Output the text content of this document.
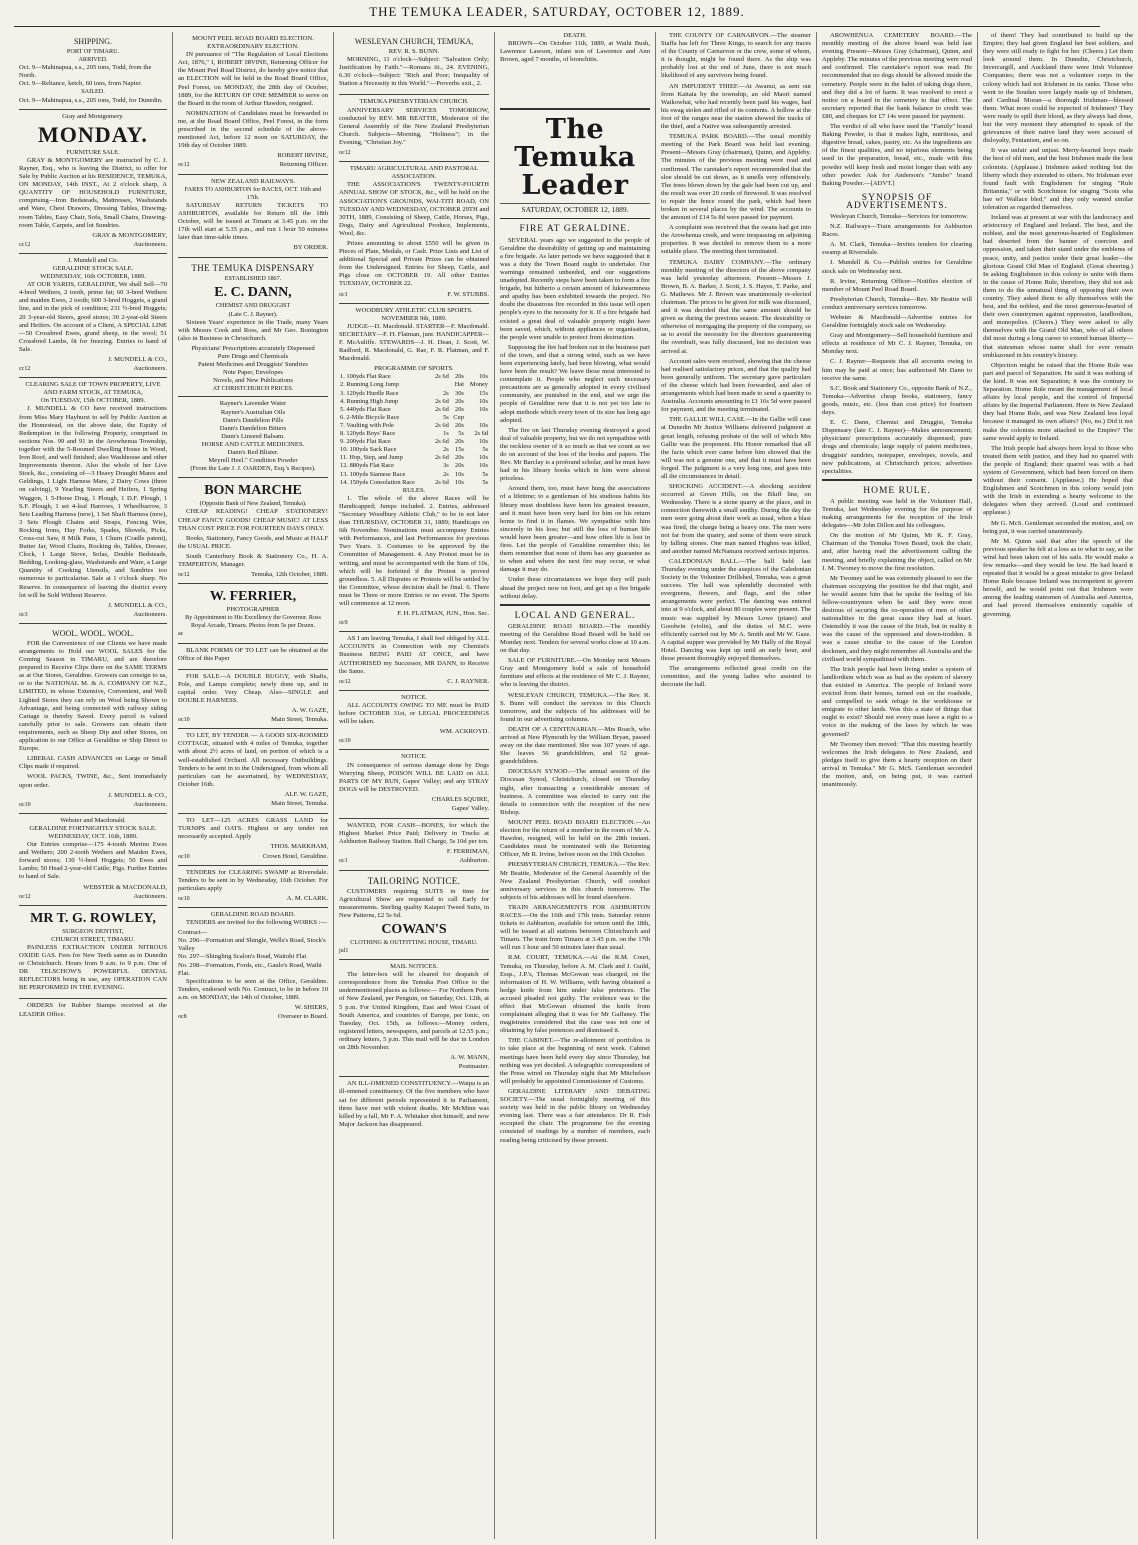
THE TEMUKA LEADER, SATURDAY, OCTOBER 12, 1889.
SHIPPING.
PORT OF TIMARU.
ARRIVED.
Oct. 9—Mahinapua, s.s., 205 tons, Todd, from the North.
Oct. 9—Reliance, ketch, 60 tons, from Napier.
SAILED.
Oct. 9—Mahinapua, s.s., 205 tons, Todd, for Dunedin.
Gray and Montgomery.
MONDAY.
FURNITURE SALE.

GRAY & MONTGOMERY are instructed by C. J. Rayner, Esq., who is leaving the District, to offer for Sale by Public Auction at his RESIDENCE, TEMUKA, ON MONDAY, 14th INST., At 2 o'clock sharp, A QUANTITY OF HOUSEHOLD FURNITURE, comprising—Iron Bedsteads, Mattresses, Washstands and Ware, Chest Drawers, Dressing Tables, Drawing-room Tables, Easy Chair, Sofa, Small Chairs, Drawing-room Table, Carpets, and lot Sundries.

GRAY & MONTGOMERY,
cc12	Auctioneers.
J. Mundell and Co.
GERALDINE STOCK SALE.
WEDNESDAY, 16th OCTOBER, 1889.

AT OUR YARDS, GERALDINE, We shall Sell—70 4-bred Wethers, 2 tooth, prime fat; 60 3-bred Wethers and maiden Ewes, 2 tooth; 600 3-bred Hoggets, a grand line, and in the pick of condition; 231 ½-bred Hoggets; 20 3-year-old Steers, good stores; 30 2-year-old Steers and Heifers. On account of a Client, A SPECIAL LINE—50 Crossbred Ewes, grand sheep, in the wool; 51 Crossbred Lambs, fit for freezing. Entries to hand of Sale.

J. MUNDELL & CO.,
cc12	Auctioneers.
CLEARING SALE OF TOWN PROPERTY, LIVE AND FARM STOCK, AT TEMUKA,
On TUESDAY, 15th OCTOBER, 1889.

J. MUNDELL & CO have received instructions from Miss Mary Hayhurst to sell by Public Auction at the Homestead, on the above date, the Equity of Redemption in the following Property, comprised in sections Nos. 99 and 91 in the Arowhenua Township, together with the 5-Roomed Dwelling House in Wood, Iron Roof, and well finished; also Washhouse and other Improvements thereon. Also the whole of her Live Stock, &c., consisting of—3 Heavy Draught Mares and Geldings, 1 Light Harness Mare, 2 Dairy Cows (three on calving), 9 Yearling Steers and Heifers, 1 Spring Waggon, 1 5-Horse Drag, 1 Plough, 1 D.F. Plough, 1 S.F. Plough, 1 set 4-leaf Harrows, 1 Wheelbarrow, 3 Sets Leading Harness (new), 1 Set Shaft Harness (new), 3 Sets Plough Chains and Straps, Fencing Wire, Rocking Irons, Hay Forks, Spades, Shovels, Picks, Cross-cut Saw, 8 Milk Pans, 1 Churn (Cradle patent), Butter Jar, Wood Chairs, Rocking do, Tables, Dresser, Clock, 1 Large Stove, Sofas, Double Bedsteads, Bedding, Looking-glass, Washstands and Ware, a Large Quantity of Cooking Utensils, and Sundries too numerous to particularise. Sale at 1 o'clock sharp. No Reserve. In consequence of leaving the district every lot will be Sold Without Reserve.

J. MUNDELL & CO.,
oc3	Auctioneers.
WOOL. WOOL. WOOL.

FOR the Convenience of our Clients we have made arrangements to Hold our WOOL SALES for the Coming Season in TIMARU, and are therefore prepared to Receive Clips there on the SAME TERMS as at Our Stores, Geraldine. Growers can consign to us, or to the NATIONAL M. & A. COMPANY OF N.Z., LIMITED, in whose Extensive, Convenient, and Well Lighted Stores they can rely on Wool being Shown to Advantage, and being connected with railway siding Cartage is thereby Saved. Every parcel is valued carefully prior to sale. Growers can obtain their requirements, such as Sheep Dip and other Stores, on application to our Office at Geraldine or Ship Direct to Europe.

LIBERAL CASH ADVANCES on Large or Small Clips made if required.

WOOL PACKS, TWINE, &c., Sent immediately upon order.

J. MUNDELL & CO.,
oc10	Auctioneers.
Webster and Macdonald.
GERALDINE FORTNIGHTLY STOCK SALE.
WEDNESDAY, OCT. 16th, 1889.

Our Entries comprise—175 4-tooth Merino Ewes and Wethers; 200 2-tooth Wethers and Maiden Ewes, forward stores; 130 ½-bred Hoggets; 50 Ewes and Lambs; 50 Head 2-year-old Cattle; Pigs. Further Entries to hand of Sale.

WEBSTER & MACDONALD,
oc12	Auctioneers.
MR T. G. ROWLEY,
SURGEON DENTIST,
CHURCH STREET, TIMARU.

PAINLESS EXTRACTION UNDER NITROUS OXIDE GAS. Fees for New Teeth same as in Dunedin or Christchurch. Hours from 9 a.m. to 9 p.m. One of DR TELSCHOW'S POWERFUL DENTAL REFLECTORS being in use, any OPERATION CAN BE PERFORMED IN THE EVENING.

ORDERS for Rubber Stamps received at the LEADER Office.

MOUNT PEEL ROAD BOARD ELECTION.
EXTRAORDINARY ELECTION.

IN pursuance of "The Regulation of Local Elections Act, 1876," I, ROBERT IRVINE, Returning Officer for the Mount Peel Road District, do hereby give notice that an ELECTION will be held in the Road Board Office, Peel Forest, on MONDAY, the 28th day of October, 1889, for the RETURN OF ONE MEMBER to serve on the Board in the room of Arthur Hawdon, resigned.

NOMINATION of Candidates must be forwarded to me, at the Road Board Office, Peel Forest, in the form prescribed in the second schedule of the above-mentioned Act, before 12 noon on SATURDAY, the 19th day of October 1889.

ROBERT IRVINE,
oc12	Returning Officer.
NEW ZEALAND RAILWAYS.
FARES TO ASHBURTON for RACES, OCT. 16th and 17th.

SATURDAY RETURN TICKETS TO ASHBURTON, available for Return till the 18th October, will be issued at Timaru at 3.45 p.m. on the 17th will start at 5.35 p.m., and run 1 hour 50 minutes later than time-table times.

BY ORDER.
THE TEMUKA DISPENSARY
ESTABLISHED 1867.
E. C. DANN,
CHEMIST AND DRUGGIST
(Late C. J. Rayner).

Sixteen Years' experience in the Trade, many Years with Messrs Cook and Ross, and Mr Geo. Bonington (also in Business in Christchurch.

Physicians' Prescriptions accurately Dispensed
Pure Drugs and Chemicals
Patent Medicines and Druggists' Sundries
Note Paper, Envelopes
Novels, and New Publications
AT CHRISTCHURCH PRICES.
Rayner's Lavender Water
Rayner's Australian Oils
Dann's Dandelion Pills
Dann's Dandelion Bitters
Dann's Linseed Balsam.
HORSE AND CATTLE MEDICINES.
Dann's Red Blister.
Meyrell Heel." Condition Powder
(From the Late J. J. OARDEN, Esq.'s Recipes).
BON MARCHE
(Opposite Bank of New Zealand, Temuka).

CHEAP READING! CHEAP STATIONERY! CHEAP FANCY GOODS! CHEAP MUSIC! AT LESS THAN COST PRICE FOR FOURTEEN DAYS ONLY.

Books, Stationery, Fancy Goods, and Music at HALF the USUAL PRICE.

South Canterbury Book & Stationery Co., H. A. TEMPERTON, Manager.

oc12	Temuka, 12th October, 1889.
W. FERRIER,
PHOTOGRAPHER
By Appointment to His Excellency the Governor. Ross Royal Arcade, Timaru. Photos from 5s per Dozen.
ac

BLANK FORMS OF TO LET can be obtained at the Office of this Paper

FOR SALE—A DOUBLE BUGGY, with Shafts, Pole, and Lamps complete; newly done up, and in capital order. Very Cheap. Also—SINGLE and DOUBLE HARNESS.

A. W. GAZE,
oc10	Main Street, Temuka.

TO LET, BY TENDER — A GOOD SIX-ROOMED COTTAGE, situated with 4 miles of Temuka, together with about 2½ acres of land, on portion of which is a well-established Orchard. All necessary Outbuildings. Tenders to be sent in to the Undersigned, from whom all particulars can be ascertained, by WEDNESDAY, October 16th.

ALF. W. GAZE,
Main Street, Temuka.

TO LET—125 ACRES GRASS LAND for TURNIPS and OATS. Highest or any tender not necessarily accepted. Apply

THOS. MARKHAM,
oc10	Crown Hotel, Geraldine.

TENDERS for CLEARING SWAMP at Riversdale. Tenders to be sent in by Wednesday, 16th October. For particulars apply

oc10	A. M. CLARK.
GERALDINE ROAD BOARD.

TENDERS are invited for the following WORKS :—

Contract—
No. 296—Formation and Shingle, Wells's Road, Stock's Valley
No. 297—Shingling Scalon's Road, Waitohi Flat
No. 298—Formation, Fords, etc., Gaulo's Road, Waihi Flat.

Specifications to be seen at the Office, Geraldine. Tenders, endorsed with No. Contract, to be in before 10 a.m. on MONDAY, the 14th of October, 1889.

W. SHIERS,
oc8	Overseer to Board.
WESLEYAN CHURCH, TEMUKA,
REV. R. S. BUNN.

MORNING, 11 o'clock—Subject: "Salvation Only; Justification by Faith."—Romans iii., 24. EVENING, 6.30 o'clock—Subject: "Rich and Poor; Inequality of Station a Necessity in this World."—Proverbs xxii., 2.

TEMUKA PRESBYTERIAN CHURCH.

ANNIVERSARY SERVICES TOMORROW, conducted by REV. MR BEATTIE, Moderator of the General Assembly of the New Zealand Presbyterian Church. Subjects—Morning, "Holiness"; in the Evening, "Christian Joy."

oc12
TIMARU AGRICULTURAL AND PASTORAL ASSOCIATION.

THE ASSOCIATION'S TWENTY-FOURTH ANNUAL SHOW OF STOCK, &c., will be held on the ASSOCIATION'S GROUNDS, WAI-TITI ROAD, ON TUESDAY AND WEDNESDAY, OCTOBER 29TH and 30TH, 1889, Consisting of Sheep, Cattle, Horses, Pigs, Dogs, Dairy and Agricultural Produce, Implements, Wool, &c.

Prizes amounting to about £550 will be given in Pieces of Plate, Medals, or Cash. Prize Lists and List of additional Special and Private Prizes can be obtained from the Undersigned. Entries for Sheep, Cattle, and Pigs close on OCTOBER 19. All other Entries TUESDAY, OCTOBER 22.

oc1	F. W. STUBBS.
WOODBURY ATHLETIC CLUB SPORTS.
NOVEMBER 9th, 1889.

JUDGE—D. Macdonald. STARTER—F. Macdonald. SECRETARY—F. H. Flatman, junr. HANDICAPPER—F. McAuliffe. STEWARDS—J. H. Dean, J. Scott, W. Radford, R. Macdonald, G. Rae, F. R. Flatman, and F. Macdonald.

PROGRAMME OF SPORTS.
1. 100yds Flat Race	2s 6d	20s	10s
2. Running Long Jump		Hat	Money
3. 120yds Hurdle Race	2s	30s	15s
4. Running High Jump	2s 6d	20s	10s
5. 440yds Flat Race	2s 6d	20s	10s
6. 2-Mile Bicycle Race	5s	Cup	
7. Vaulting with Pole	2s 6d	20s	10s
8. 120yds Boys' Race	1s	5s	2s 6d
9. 200yds Flat Race	2s 6d	20s	10s
10. 100yds Sack Race	2s	15s	5s
11. Hop, Step, and Jump	2s 6d	20s	10s
12. 880yds Flat Race	3s	20s	10s
13. 100yds Siamese Race	2s	10s	5s
14. 150yds Consolation Race	2s 6d	10s	5s
RULES.

1. The whole of the above Races will be Handicapped; Jumps included. 2. Entries, addressed "Secretary Woodbury Athletic Club," to be in not later than THURSDAY, OCTOBER 31, 1889; Handicaps on 6th November. Nominations must accompany Entries with Performances, and last Performances for previous Two Years. 3. Costumes to be approved by the Committee of Management. 4. Any Protest must be in writing, and must be accompanied with the Sum of 10s, which will be forfeited if the Protest is proved groundless. 5. All Disputes or Protests will be settled by the Committee, whose decision shall be final. 6. There must be Three or more Entries or no event. The Sports will commence at 12 noon.

F. H. FLATMAN, JUN., Hon. Sec.
oc9

AS I am leaving Temuka, I shall feel obliged by ALL ACCOUNTS in Connection with my Chemist's Business BEING PAID AT ONCE, and have AUTHORISED my Successor, MR DANN, to Receive the Same.

oc12	C. J. RAYNER.
NOTICE.

ALL ACCOUNTS OWING TO ME must be PAID before OCTOBER 31st, or LEGAL PROCEEDINGS will be taken.

WM. ACKROYD.
oc10
NOTICE.

IN consequence of serious damage done by Dogs Worrying Sheep, POISON WILL BE LAID on ALL PARTS OF MY RUN, Gapes' Valley; and any STRAY DOGS will be DESTROYED.

CHARLES SQUIRE,
Gapes' Valley.

WANTED, FOR CASH—BONES, for which the Highest Market Price Paid; Delivery in Trucks at Ashburton Railway Station. Bull Charge, 5s 10d per ton.

F. FERRIMAN,
oc1	Ashburton.
TAILORING NOTICE.

CUSTOMERS requiring SUITS in time for Agricultural Show are requested to call Early for measurements. Sterling quality Kaiapoi Tweed Suits, in New Patterns, £2 5s 6d.

COWAN'S
CLOTHING & OUTFITTING HOUSE, TIMARU.
jul1
MAIL NOTICES.

The letter-box will be cleared for despatch of correspondence from the Temuka Post Office to the undermentioned places as follows:— For Northern Ports of New Zealand, per Penguin, on Saturday, Oct. 12th, at 5 p.m. For United Kingdom, East and West Coast of South America, and countries of Europe, per Ionic, on Tuesday, Oct. 15th, as follows:—Money orders, registered letters, newspapers, and parcels at 12.55 p.m.; ordinary letters, 5 p.m. This mail will be due in London on 28th November.

A. W. MANN,
Postmaster.

AN ILL-OMENED CONSTITUENCY.—Waipa is an ill-omened constituency. Of the five members who have sat for different periods represented it in Parliament, three have met with violent deaths. Mr McMinn was killed by a fall, Mr F. A. Whitaker shot himself, and now Major Jackson has disappeared.

DEATH.

BROWN—On October 11th, 1889, at Waihi Bush, Lawrence Lawson, infant son of Lawrence and Ann Brown, aged 7 months, of bronchitis.

The Temuka Leader
SATURDAY, OCTOBER 12, 1889.
FIRE AT GERALDINE.

SEVERAL years ago we suggested to the people of Geraldine the desirability of getting up and maintaining a fire brigade. As later periods we have suggested that it was a duty the Town Board ought to undertake. Our warnings remained unheeded, and our suggestions unadopted. Recently steps have been taken to form a fire brigade, but hitherto a certain amount of lukewarmness and apathy has been exhibited towards the project. No doubt the disastrous fire recorded in this issue will open people's eyes to the necessity for it. If a fire brigade had existed a great deal of valuable property might have been saved, which, without appliances or organisation, the people were unable to protect from destruction.

Supposing the fire had broken out in the business part of the town, and that a strong wind, such as we have been experiencing lately, had been blowing, what would have been the result? We leave those most interested to contemplate it. People who neglect such necessary precautions are as generally adopted in every civilised community, are punished in the end, and we urge the people of Geraldine now that it is not yet too late to adopt methods which every town of its size has long ago adopted.

The fire on last Thursday evening destroyed a good deal of valuable property, but we do not sympathise with the reckless owner of it so much as that we count as we do on account of the loss of the books and papers. The Rev. Mr Barclay is a profound scholar, and he must have had in his library books which in him were almost priceless.

Around them, too, must have hung the associations of a lifetime; to a gentleman of his studious habits his library must doubtless have been his greatest treasure, and it must have been very hard for him on his return home to find it in flames. We sympathise with him sincerely in his loss; but still the loss of human life would have been greater—and how often life is lost in fires. Let the people of Geraldine remember this; let them remember that none of them has any guarantee as to when and where the next fire may occur, or what damage it may do.

Under these circumstances we hope they will push ahead the project now on foot, and get up a fire brigade without delay.

LOCAL AND GENERAL.

GERALDINE ROAD BOARD.—The monthly meeting of the Geraldine Road Board will be held on Monday next. Tenders for several works close at 10 a.m. on that day.

SALE OF FURNITURE.—On Monday next Messrs Gray and Montgomery hold a sale of household furniture and effects at the residence of Mr C. J. Rayner, who is leaving the district.

WESLEYAN CHURCH, TEMUKA.—The Rev. R. S. Bunn will conduct the services in this Church tomorrow, and the subjects of his addresses will be found in our advertising columns.

DEATH OF A CENTENARIAN.—Mrs Roach, who arrived at New Plymouth by the William Bryan, passed away on the date mentioned. She was 107 years of age. She leaves 56 grandchildren, and 52 great-grandchildren.

DIOCESAN SYNOD.—The annual session of the Diocesan Synod, Christchurch, closed on Thursday night, after transacting a considerable amount of business. A committee was elected to carry out the details in connection with the reception of the new Bishop.

MOUNT PEEL ROAD BOARD ELECTION.—An election for the return of a member in the room of Mr A. Hawdon, resigned, will be held on the 28th instant. Candidates must be nominated with the Returning Officer, Mr R. Irvine, before noon on the 19th October.

PRESBYTERIAN CHURCH, TEMUKA.—The Rev. Mr Beattie, Moderator of the General Assembly of the New Zealand Presbyterian Church, will conduct anniversary services in this church tomorrow. The subjects of his addresses will be found elsewhere.

TRAIN ARRANGEMENTS FOR ASHBURTON RACES.—On the 16th and 17th insts. Saturday return tickets to Ashburton, available for return until the 18th, will be issued at all stations between Christchurch and Timaru. The train from Timaru at 3.45 p.m. on the 17th will run 1 hour and 50 minutes later than usual.

R.M. COURT, TEMUKA.—At the R.M. Court, Temuka, on Thursday, before A. M. Clark and J. Guild, Esqs., J.P.'s, Thomas McGowan was charged, on the information of H. W. Williams, with having obtained a hedge knife from him under false pretences. The accused pleaded not guilty. The evidence was to the effect that McGowan obtained the knife from complainant alleging that it was for Mr Gaffaney. The magistrates considered that the case was not one of obtaining by false pretences and dismissed it.

THE CABINET.—The re-allotment of portfolios is to take place at the beginning of next week. Cabinet meetings have been held every day since Thursday, but nothing was yet decided. A telegraphic correspondent of the Press wired on Thursday night that Mr Mitchelson will probably be appointed Commissioner of Customs.

GERALDINE LITERARY AND DEBATING SOCIETY.—The usual fortnightly meeting of this society was held in the public library on Wednesday evening last. There was a fair attendance. Dr R. Fish occupied the chair. The programme for the evening consisted of readings by a number of members, each reading being criticised by those present.

THE COUNTY OF CARNARVON.—The steamer Staffa has left for Three Kings, to search for any traces of the County of Carnarvon or the crew, some of whom, it is thought, might be found there. As the ship was probably lost at the end of June, there is not much likelihood of any survivors being found.

AN IMPUDENT THIEF.—At Awanui, as sent out from Kaitaia by the township, an old Maori named Waikowhai, who had recently been paid his wages, had his swag stolen and rifled of its contents. A hollow at the foot of the ranges near the station showed the tracks of the thief, and a Native was subsequently arrested.

TEMUKA PARK BOARD.—The usual monthly meeting of the Park Board was held last evening. Present—Messrs Gray (chairman), Quinn, and Appleby. The minutes of the previous meeting were read and confirmed. The caretaker's report recommended that the sloe should be cut down, as it smells very offensively. The trees blown down by the gale had been cut up, and the result was over 20 cords of firewood. It was resolved to repair the fence round the park, which had been broken in several places by the wind. The accounts to the amount of £14 5s 8d were passed for payment.

A complaint was received that the swans had got into the Arowhenua creek, and were trespassing on adjoining properties. It was decided to remove them to a more suitable place. The meeting then terminated.

TEMUKA DAIRY COMPANY.—The ordinary monthly meeting of the directors of the above company was held yesterday afternoon. Present—Messrs J. Brown, B. A. Barker, J. Scott, J. S. Hayes, T. Parke, and G. Mathews. Mr J. Brown was unanimously re-elected chairman. The prices to be given for milk was discussed, and it was decided that the same amount should be given as during the previous season. The desirability or otherwise of mortgaging the property of the company, so as to avoid the necessity for the directors guaranteeing the overdraft, was fully discussed, but no decision was arrived at.

Account sales were received, showing that the cheese had realised satisfactory prices, and that the quality had been generally uniform. The secretary gave particulars of the cheese which had been forwarded, and also of arrangements which had been made to send a quantity to Australia. Accounts amounting to £1 16s 5d were passed for payment, and the meeting terminated.

THE GALLIE WILL CASE.—In the Gallie will case at Dunedin Mr Justice Williams delivered judgment at great length, refusing probate of the will of which Mrs Gallie was the proponent. His Honor remarked that all the facts which ever came before him showed that the will was not a genuine one, and that it must have been forged. The judgment is a very long one, and goes into all the circumstances in detail.

SHOCKING ACCIDENT.—A shocking accident occurred at Green Hills, on the Bluff line, on Wednesday. There is a stone quarry at the place, and in connection therewith a small smithy. During the day the men were going about their work as usual, when a blast was fired, the charge being a heavy one. The men were not far from the quarry, and some of them were struck by falling stones. One man named Hughes was killed, and another named McNamara received serious injuries.

CALEDONIAN BALL.—The ball held last Thursday evening under the auspices of the Caledonian Society in the Volunteer Drillshed, Temuka, was a great success. The hall was splendidly decorated with evergreens, flowers, and flags, and the other arrangements were perfect. The dancing was entered into at 9 o'clock, and about 80 couples were present. The music was supplied by Messrs Lowe (piano) and Goodwin (violin), and the duties of M.C. were efficiently carried out by Mr A. Smith and Mr W. Gaze. A capital supper was provided by Mr Hally of the Royal Hotel. Dancing was kept up until an early hour, and those present thoroughly enjoyed themselves.

The arrangements reflected great credit on the committee, and the young ladies who assisted to decorate the hall.

AROWHENUA CEMETERY BOARD.—The monthly meeting of the above board was held last evening. Present—Messrs Gray (chairman), Quinn, and Appleby. The minutes of the previous meeting were read and confirmed. The caretaker's report was read. He recommended that no dogs should be allowed inside the cemetery. People were in the habit of taking dogs there, and they did a lot of harm. It was resolved to erect a notice on a board in the cemetery to that effect. The secretary reported that the bank balance to credit was £80, and cheques for £7 14s were passed for payment.

The verdict of all who have used the "Family" brand Baking Powder, is that it makes light, nutritious, and digestive bread, cakes, pastry, etc. As the ingredients are of the finest qualities, and no injurious elements being used in the preparation, bread, etc., made with this powder will keep fresh and moist longer than with any other powder. Ask for Anderson's "Jumbo" brand Baking Powder.—[ADVT.]

SYNOPSIS OF ADVERTISEMENTS.

Wesleyan Church, Temuka—Services for tomorrow.

N.Z. Railways—Train arrangements for Ashburton Races.

A. M. Clark, Temuka—Invites tenders for clearing swamp at Riversdale.

J. Mundell & Co.—Publish entries for Geraldine stock sale on Wednesday next.

R. Irvine, Returning Officer—Notifies election of member of Mount Peel Road Board.

Presbyterian Church, Temuka—Rev. Mr Beattie will conduct anniversary services tomorrow.

Webster & Macdonald—Advertise entries for Geraldine fortnightly stock sale on Wednesday.

Gray and Montgomery—Sell household furniture and effects at residence of Mr C. J. Rayner, Temuka, on Monday next.

C. J. Rayner—Requests that all accounts owing to him may be paid at once; has authorised Mr Dann to receive the same.

S.C. Book and Stationery Co., opposite Bank of N.Z., Temuka—Advertise cheap books, stationery, fancy goods, music, etc. (less than cost price) for fourteen days.

E. C. Dann, Chemist and Druggist, Temuka Dispensary (late C. J. Rayner)—Makes announcement; physicians' prescriptions accurately dispensed; pure drugs and chemicals; large supply of patent medicines, druggists' sundries, notepaper, envelopes, novels, and new publications, at Christchurch prices; advertises specialities.

HOME RULE.

A public meeting was held in the Volunteer Hall, Temuka, last Wednesday evening for the purpose of making arrangements for the reception of the Irish delegates—Mr John Dillon and his colleagues.

On the motion of Mr Quinn, Mr K. F. Gray, Chairman of the Temuka Town Board, took the chair, and, after having read the advertisement calling the meeting, and briefly explaining the object, called on Mr J. M. Twomey to move the first resolution.

Mr Twomey said he was extremely pleased to see the chairman occupying the position he did that night, and he would assure him that he spoke the feeling of his fellow-countrymen when he said they were most desirous of securing the co-operation of men of other nationalities in the great cause they had at heart. Ostensibly it was the cause of the Irish, but in reality it was the cause of the oppressed and down-trodden. It was a cause similar to the cause of the London dockmen, and they might remember all Australia and the civilised world sympathised with them.

The Irish people had been living under a system of landlordism which was as bad as the system of slavery that existed in America. The people of Ireland were evicted from their homes, turned out on the roadside, and compelled to seek refuge in the workhouse or emigrate to other lands. Was this a state of things that ought to exist? Should not every man have a right to a voice in the making of the laws by which he was governed?

Mr Twomey then moved: "That this meeting heartily welcomes the Irish delegates to New Zealand, and pledges itself to give them a hearty reception on their arrival in Temuka." Mr G. McS. Gentleman seconded the motion, and, on being put, it was carried unanimously.

of them! They had contributed to build up the Empire; they had given England her best soldiers, and they were still ready to fight for her. (Cheers.) Let them look around them. In Dunedin, Christchurch, Invercargill, and Auckland there were Irish Volunteer Companies; there was not a volunteer corps in the colony which had not Irishmen in its ranks. Those who went to the Soudan were largely made up of Irishmen, and Cardinal Moran—a thorough Irishman—blessed them. What more could be expected of Irishmen? They were ready to spill their blood, as they always had done, but the very moment they attempted to speak of the grievances of their native land they were accused of disloyalty, Fenianism, and so on.

It was unfair and unjust. Merry-hearted boys made the best of old men, and the best Irishmen made the best colonists. (Applause.) Irishmen asked nothing but the liberty which they extended to others. No Irishman ever found fault with Englishmen for singing "Rule Britannia," or with Scotchmen for singing "Scots wha hae wi' Wallace bled," and they only wanted similar toleration as regarded themselves.

Ireland was at present at war with the landocracy and aristocracy of England and Ireland. The best, and the noblest, and the most generous-hearted of Englishmen had deserted from the banner of coercion and oppression, and taken their stand under the emblems of peace, unity, and justice under their great leader—the glorious Grand Old Man of England. (Great cheering.) In asking Englishmen in this colony to unite with them in the cause of Home Rule, therefore, they did not ask them to do the unnatural thing of opposing their own country. They asked them to ally themselves with the best, and the noblest, and the most generous-hearted of their own countrymen against oppression, landlordism, and monopolies. (Cheers.) They were asked to ally themselves with the Grand Old Man, who of all others did most during a long career to extend human liberty—that statesman whose name shall for ever remain emblazoned in his country's history.

Objection might be raised that the Home Rule was part and parcel of Separation. He said it was nothing of the kind. It was not Separation; it was the contrary to Separation. Home Rule meant the management of local affairs by local people, and the control of Imperial affairs by the Imperial Parliament. Here in New Zealand they had Home Rule, and was New Zealand less loyal because it managed its own affairs? (No, no.) Did it not make the colonists more attached to the Empire? The same would apply to Ireland.

The Irish people had always been loyal to those who treated them with justice, and they had no quarrel with the people of England; their quarrel was with a bad system of Government, which had been forced on them without their consent. (Applause.) He hoped that Englishmen and Scotchmen in this colony would join with the Irish in extending a hearty welcome to the delegates when they arrived. (Loud and continued applause.)

Mr G. McS. Gentleman seconded the motion, and, on being put, it was carried unanimously.

Mr M. Quinn said that after the speech of the previous speaker he felt at a loss as to what to say, as the wind had been taken out of his sails. He would make a few remarks—and they would be few. He had heard it repeated that it would be a great mistake to give Ireland Home Rule because Ireland was incompetent to govern herself, and he would point out that Irishmen were among the leading statesmen of Australia and America, and had proved themselves eminently capable of governing.
